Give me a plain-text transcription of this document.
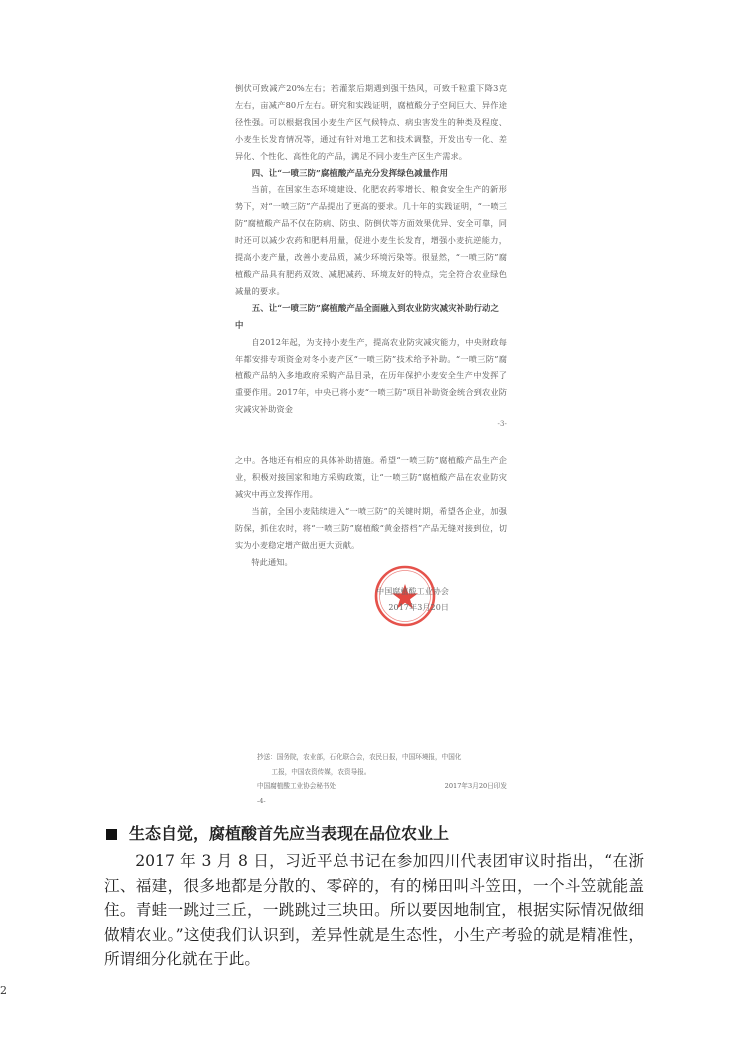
倒伏可致减产20%左右；若灌浆后期遇到强干热风，可致千粒重下降3克左右，亩减产80斤左右。研究和实践证明，腐植酸分子空间巨大、异作途径性强。可以根据我国小麦生产区气候特点、病虫害发生的种类及程度、小麦生长发育情况等，通过有针对地工艺和技术调整，开发出专一化、差异化、个性化、高性化的产品，满足不同小麦生产区生产需求。

四、让“一喷三防”腐植酸产品充分发挥绿色减量作用

当前，在国家生态环境建设、化肥农药零增长、粮食安全生产的新形势下，对“一喷三防”产品提出了更高的要求。几十年的实践证明，“一喷三防”腐植酸产品不仅在防病、防虫、防倒伏等方面效果优异、安全可靠，同时还可以减少农药和肥料用量，促进小麦生长发育，增强小麦抗逆能力，提高小麦产量，改善小麦品质，减少环境污染等。很显然，“一喷三防”腐植酸产品具有肥药双效、减肥减药、环境友好的特点，完全符合农业绿色减量的要求。

五、让“一喷三防”腐植酸产品全面融入到农业防灾减灾补助行动之中

自2012年起，为支持小麦生产，提高农业防灾减灾能力，中央财政每年都安排专项资金对冬小麦产区“一喷三防”技术给予补助。“一喷三防”腐植酸产品纳入多地政府采购产品目录，在历年保护小麦安全生产中发挥了重要作用。2017年，中央已将小麦“一喷三防”项目补助资金统合到农业防灾减灾补助资金

-3-

之中。各地还有相应的具体补助措施。希望“一喷三防”腐植酸产品生产企业，积极对接国家和地方采购政策，让“一喷三防”腐植酸产品在农业防灾减灾中再立发挥作用。

当前，全国小麦陆续进入“一喷三防”的关键时期，希望各企业，加强防保，抓住农时，将“一喷三防”腐植酸“黄金搭档”产品无缝对接到位，切实为小麦稳定增产做出更大贡献。

特此通知。

中国腐植酸工业协会
2017年3月20日
抄送：国务院，农业部，石化联合会，农民日报，中国环境报，中国化
工报，中国农资传媒，农资导报。
中国腐植酸工业协会秘书处	2017年3月20日印发
-4-
生态自觉，腐植酸首先应当表现在品位农业上

2017 年 3 月 8 日，习近平总书记在参加四川代表团审议时指出，“在浙江、福建，很多地都是分散的、零碎的，有的梯田叫斗笠田，一个斗笠就能盖住。青蛙一跳过三丘，一跳跳过三块田。所以要因地制宜，根据实际情况做细做精农业。”这使我们认识到，差异性就是生态性，小生产考验的就是精准性，所谓细分化就在于此。

2
